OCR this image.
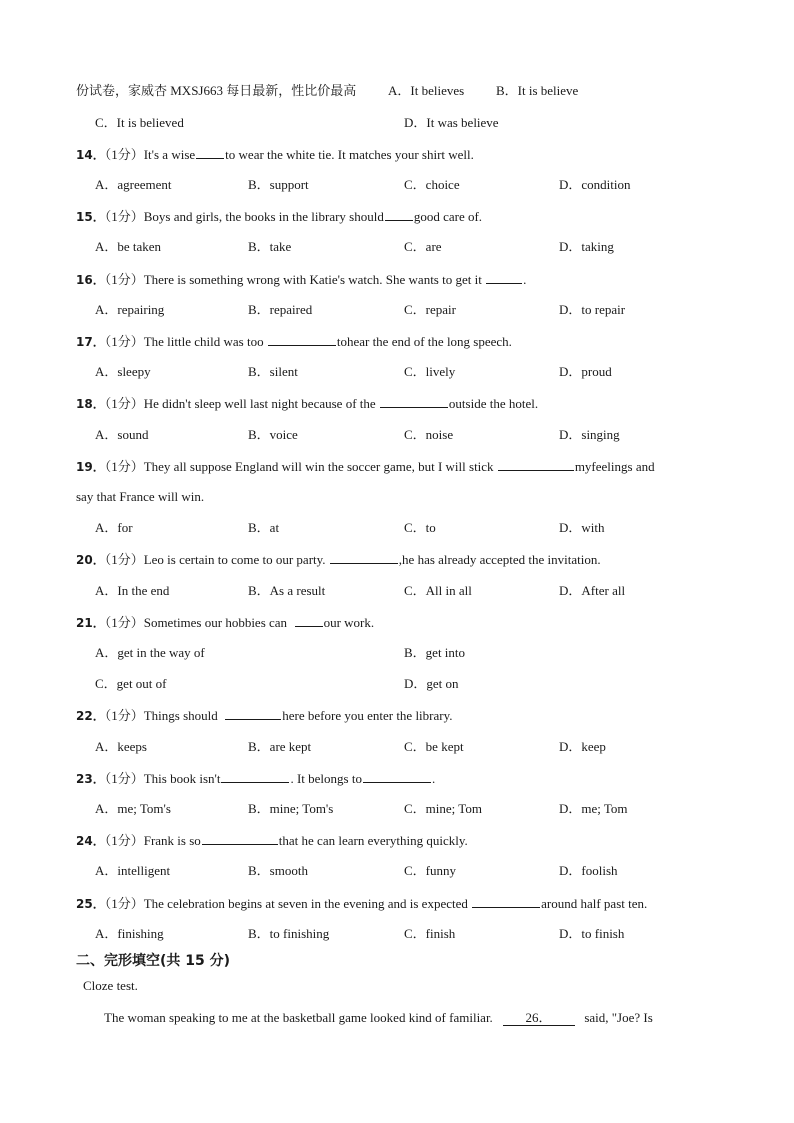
份试卷，家威杏 MXSJ663 每日最新，性比价最高 A．It believes B．It is believe
C．It is believed	D．It was believe
14．（1分）It's a wise to wear the white tie. It matches your shirt well.
A．agreement	B．support	C．choice	D．condition
15．（1分）Boys and girls, the books in the library should good care of.
A．be taken	B．take	C．are	D．taking
16．（1分）There is something wrong with Katie's watch. She wants to get it	.
A．repairing	B．repaired	C．repair	D．to repair
17．（1分）The little child was too	tohear the end of the long speech.
A．sleepy	B．silent	C．lively	D．proud
18．（1分）He didn't sleep well last night because of the	outside the hotel.
A．sound	B．voice	C．noise	D．singing
19．（1分）They all suppose England will win the soccer game, but I will stick	myfeelings and
say that France will win.
A．for	B．at	C．to	D．with
20．（1分）Leo is certain to come to our party.	,he has already accepted the invitation.
A．In the end	B．As a result	C．All in all	D．After all
21．（1分）Sometimes our hobbies can	our work.
A．get in the way of	B．get into
C．get out of	D．get on
22．（1分）Things should	here before you enter the library.
A．keeps	B．are kept	C．be kept	D．keep
23．（1分）This book isn't	. It belongs to	.
A．me; Tom's	B．mine; Tom's	C．mine; Tom	D．me; Tom
24．（1分）Frank is so	that he can learn everything quickly.
A．intelligent	B．smooth	C．funny	D．foolish
25．（1分）The celebration begins at seven in the evening and is expected	around half past ten.
A．finishing	B．to finishing	C．finish	D．to finish
二、完形填空(共 15 分)
Cloze test.
The woman speaking to me at the basketball game looked kind of familiar.	26．	said, "Joe? Is
